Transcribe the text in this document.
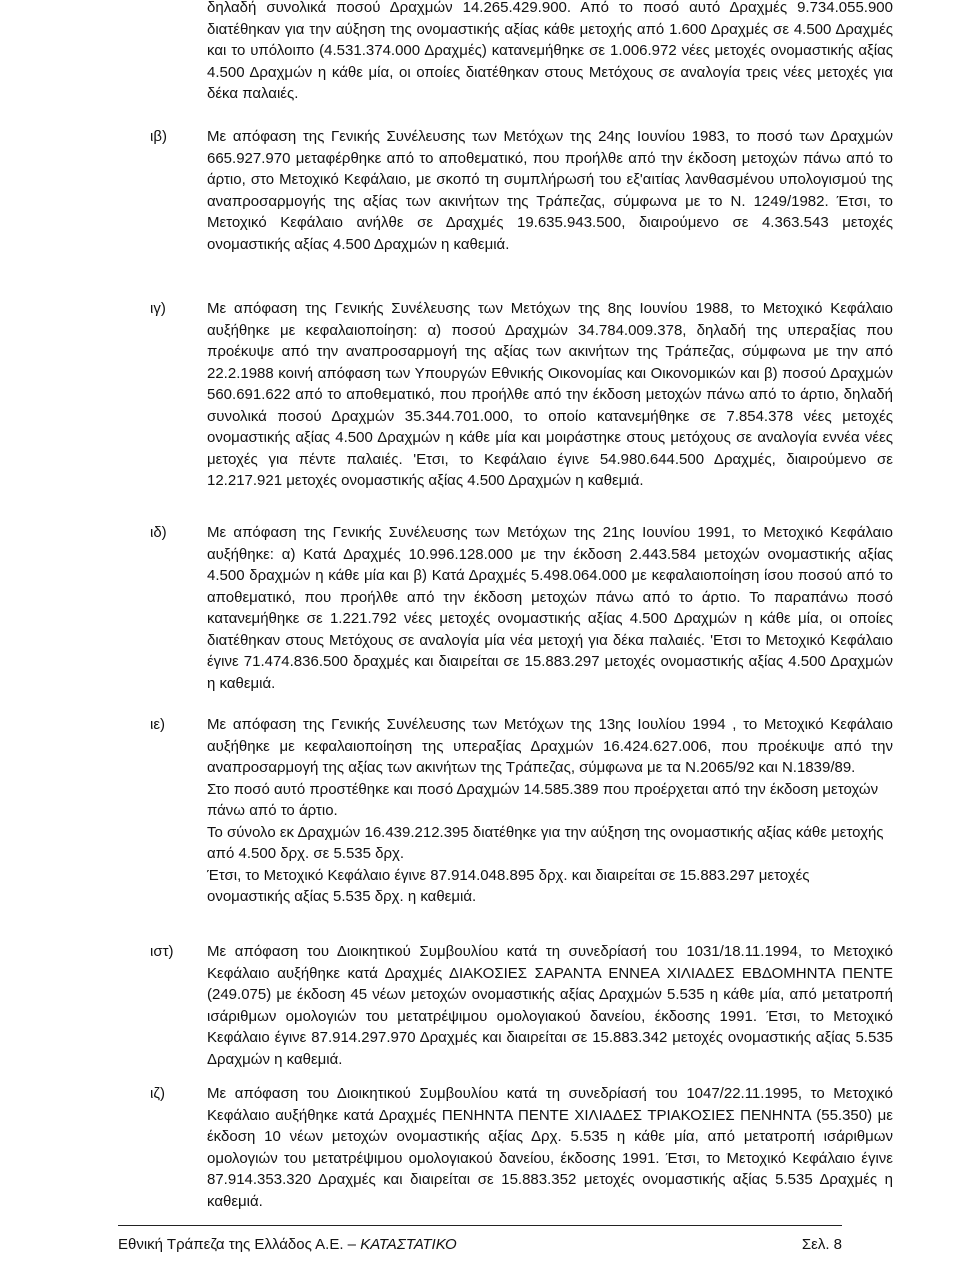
δηλαδή συνολικά ποσού Δραχμών 14.265.429.900. Από το ποσό αυτό Δραχμές 9.734.055.900 διατέθηκαν για την αύξηση της ονομαστικής αξίας κάθε μετοχής από 1.600 Δραχμές σε 4.500 Δραχμές και το υπόλοιπο (4.531.374.000 Δραχμές) κατανεμήθηκε σε 1.006.972 νέες μετοχές ονομαστικής αξίας 4.500 Δραχμών η κάθε μία, οι οποίες διατέθηκαν στους Μετόχους σε αναλογία τρεις νέες μετοχές για δέκα παλαιές.

ιβ)	Με απόφαση της Γενικής Συνέλευσης των Μετόχων της 24ης Ιουνίου 1983, το ποσό των Δραχμών 665.927.970 μεταφέρθηκε από το αποθεματικό, που προήλθε από την έκδοση μετοχών πάνω από το άρτιο, στο Μετοχικό Κεφάλαιο, με σκοπό τη συμπλήρωσή του εξ'αιτίας λανθασμένου υπολογισμού της αναπροσαρμογής της αξίας των ακινήτων της Τράπεζας, σύμφωνα με το Ν. 1249/1982. Έτσι, το Μετοχικό Κεφάλαιο ανήλθε σε Δραχμές 19.635.943.500, διαιρούμενο σε 4.363.543 μετοχές ονομαστικής αξίας 4.500 Δραχμών η καθεμιά.

ιγ)	Με απόφαση της Γενικής Συνέλευσης των Μετόχων της 8ης Ιουνίου 1988, το Μετοχικό Κεφάλαιο αυξήθηκε με κεφαλαιοποίηση: α) ποσού Δραχμών 34.784.009.378, δηλαδή της υπεραξίας που προέκυψε από την αναπροσαρμογή της αξίας των ακινήτων της Τράπεζας, σύμφωνα με την από 22.2.1988 κοινή απόφαση των Υπουργών Εθνικής Οικονομίας και Οικονομικών και β) ποσού Δραχμών 560.691.622 από το αποθεματικό, που προήλθε από την έκδοση μετοχών πάνω από το άρτιο, δηλαδή συνολικά ποσού Δραχμών 35.344.701.000, το οποίο κατανεμήθηκε σε 7.854.378 νέες μετοχές ονομαστικής αξίας 4.500 Δραχμών η κάθε μία και μοιράστηκε στους μετόχους σε αναλογία εννέα νέες μετοχές για πέντε παλαιές. 'Eτσι, το Κεφάλαιο έγινε 54.980.644.500 Δραχμές, διαιρούμενο σε 12.217.921 μετοχές ονομαστικής αξίας 4.500 Δραχμών η καθεμιά.

ιδ)	Με απόφαση της Γενικής Συνέλευσης των Μετόχων της 21ης Ιουνίου 1991, το Μετοχικό Κεφάλαιο αυξήθηκε: α) Κατά Δραχμές 10.996.128.000 με την έκδοση 2.443.584 μετοχών ονομαστικής αξίας 4.500 δραχμών η κάθε μία και β) Κατά Δραχμές 5.498.064.000 με κεφαλαιοποίηση ίσου ποσού από το αποθεματικό, που προήλθε από την έκδοση μετοχών πάνω από το άρτιο. Το παραπάνω ποσό κατανεμήθηκε σε 1.221.792 νέες μετοχές ονομαστικής αξίας 4.500 Δραχμών η κάθε μία, οι οποίες διατέθηκαν στους Μετόχους σε αναλογία μία νέα μετοχή για δέκα παλαιές. 'Eτσι το Μετοχικό Κεφάλαιο έγινε 71.474.836.500 δραχμές και διαιρείται σε 15.883.297 μετοχές ονομαστικής αξίας 4.500 Δραχμών η καθεμιά.

ιε)	Με απόφαση της Γενικής Συνέλευσης των Μετόχων της 13ης Ιουλίου 1994 , το Μετοχικό Κεφάλαιο αυξήθηκε με κεφαλαιοποίηση της υπεραξίας Δραχμών 16.424.627.006, που προέκυψε από την αναπροσαρμογή της αξίας των ακινήτων της Τράπεζας, σύμφωνα με τα Ν.2065/92 και Ν.1839/89.

Στο ποσό αυτό προστέθηκε και ποσό Δραχμών 14.585.389 που προέρχεται από την έκδοση μετοχών πάνω από το άρτιο.

Το σύνολο εκ Δραχμών 16.439.212.395 διατέθηκε για την αύξηση της ονομαστικής αξίας κάθε μετοχής από 4.500 δρχ. σε 5.535 δρχ.

Έτσι, το Μετοχικό Κεφάλαιο έγινε 87.914.048.895 δρχ. και διαιρείται σε 15.883.297 μετοχές ονομαστικής αξίας 5.535 δρχ. η καθεμιά.

ιστ) Με απόφαση του Διοικητικού Συμβουλίου κατά τη συνεδρίασή του 1031/18.11.1994, το Μετοχικό Κεφάλαιο αυξήθηκε κατά Δραχμές ΔΙΑΚΟΣΙΕΣ ΣΑΡΑΝΤΑ ΕΝΝΕΑ ΧΙΛΙΑΔΕΣ ΕΒΔΟΜΗΝΤΑ ΠΕΝΤΕ (249.075) με έκδοση 45 νέων μετοχών ονομαστικής αξίας Δραχμών 5.535 η κάθε μία, από μετατροπή ισάριθμων ομολογιών του μετατρέψιμου ομολογιακού δανείου, έκδοσης 1991. Έτσι, το Μετοχικό Κεφάλαιο έγινε 87.914.297.970 Δραχμές και διαιρείται σε 15.883.342 μετοχές ονομαστικής αξίας 5.535 Δραχμών η καθεμιά.

ιζ)	Με απόφαση του Διοικητικού Συμβουλίου κατά τη συνεδρίασή του 1047/22.11.1995, το Μετοχικό Κεφάλαιο αυξήθηκε κατά Δραχμές ΠΕΝΗΝΤΑ ΠΕΝΤΕ ΧΙΛΙΑΔΕΣ ΤΡΙΑΚΟΣΙΕΣ ΠΕΝΗΝΤΑ (55.350) με έκδοση 10 νέων μετοχών ονομαστικής αξίας Δρχ. 5.535 η κάθε μία, από μετατροπή ισάριθμων ομολογιών του μετατρέψιμου ομολογιακού δανείου, έκδοσης 1991. Έτσι, το Μετοχικό Κεφάλαιο έγινε 87.914.353.320 Δραχμές και διαιρείται σε 15.883.352 μετοχές ονομαστικής αξίας 5.535 Δραχμές η καθεμιά.

Εθνική Τράπεζα της Ελλάδος Α.Ε. – ΚΑΤΑΣΤΑΤΙΚΟ	Σελ. 8
